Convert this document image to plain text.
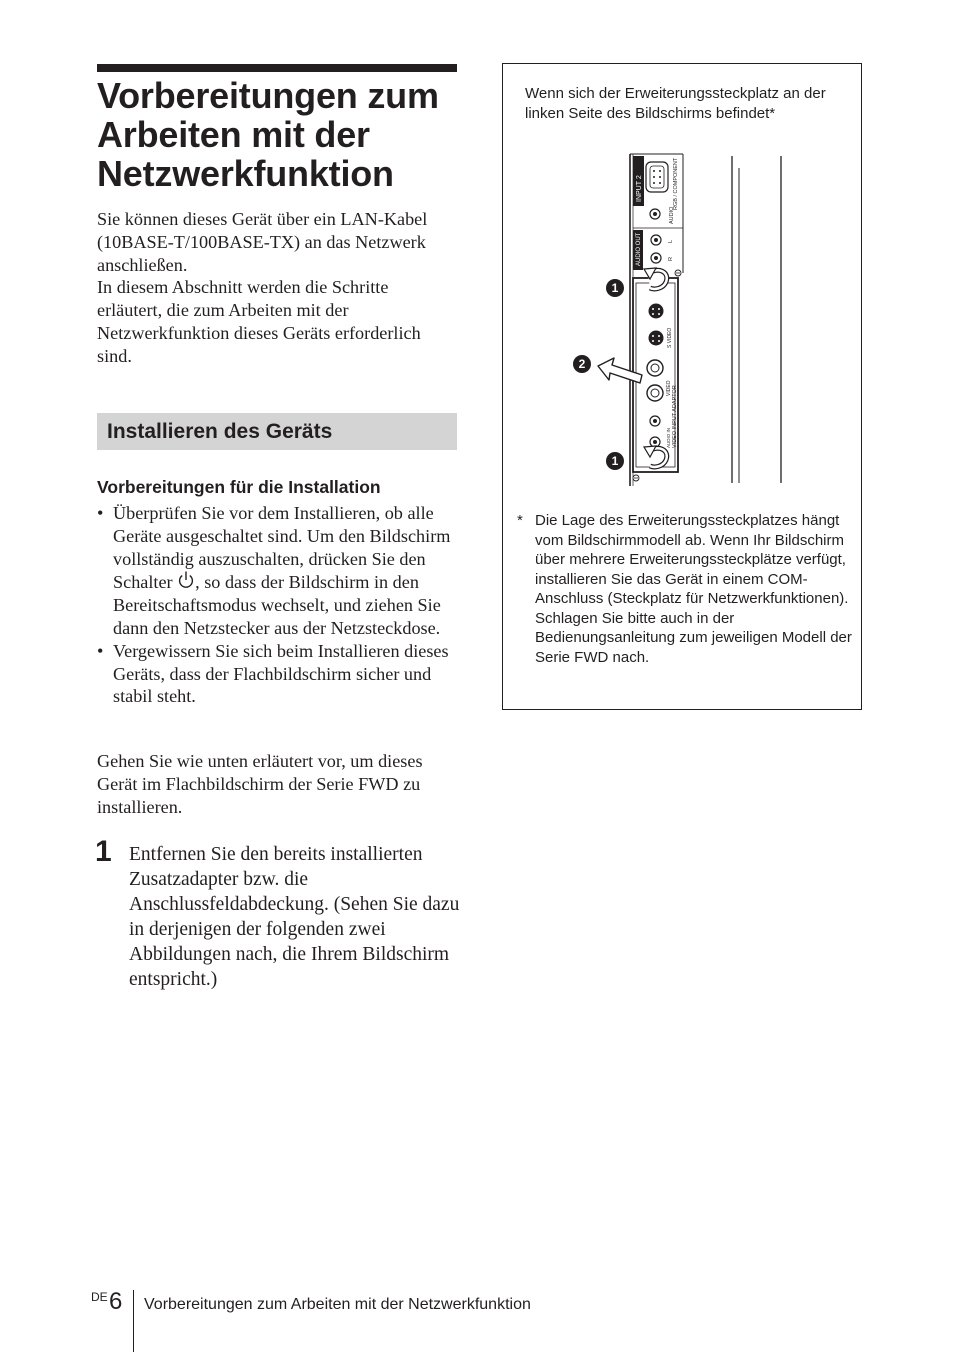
Vorbereitungen zum Arbeiten mit der Netzwerkfunktion

Sie können dieses Gerät über ein LAN-Kabel (10BASE-T/100BASE-TX) an das Netzwerk anschließen.
In diesem Abschnitt werden die Schritte erläutert, die zum Arbeiten mit der Netzwerkfunktion dieses Geräts erforderlich sind.

Installieren des Geräts
Vorbereitungen für die Installation
• Überprüfen Sie vor dem Installieren, ob alle Geräte ausgeschaltet sind. Um den Bildschirm vollständig auszuschalten, drücken Sie den Schalter , so dass der Bildschirm in den Bereitschaftsmodus wechselt, und ziehen Sie dann den Netzstecker aus der Netzsteckdose.
• Vergewissern Sie sich beim Installieren dieses Geräts, dass der Flachbildschirm sicher und stabil steht.

Gehen Sie wie unten erläutert vor, um dieses Gerät im Flachbildschirm der Serie FWD zu installieren.

1 Entfernen Sie den bereits installierten Zusatzadapter bzw. die Anschlussfeldabdeckung. (Sehen Sie dazu in derjenigen der folgenden zwei Abbildungen nach, die Ihrem Bildschirm entspricht.)

Wenn sich der Erweiterungssteckplatz an der linken Seite des Bildschirms befindet*

INPUT 2	RGB / COMPONENT
AUDIO
AUDIO OUT	L
R
S VIDEO
VIDEO VIDEO INPUT ADAPTOR
AUDIO IN
1
2
1
* Die Lage des Erweiterungssteckplatzes hängt vom Bildschirmmodell ab. Wenn Ihr Bildschirm über mehrere Erweiterungssteckplätze verfügt, installieren Sie das Gerät in einem COM-Anschluss (Steckplatz für Netzwerkfunktionen). Schlagen Sie bitte auch in der Bedienungsanleitung zum jeweiligen Modell der Serie FWD nach.
DE 6 Vorbereitungen zum Arbeiten mit der Netzwerkfunktion
